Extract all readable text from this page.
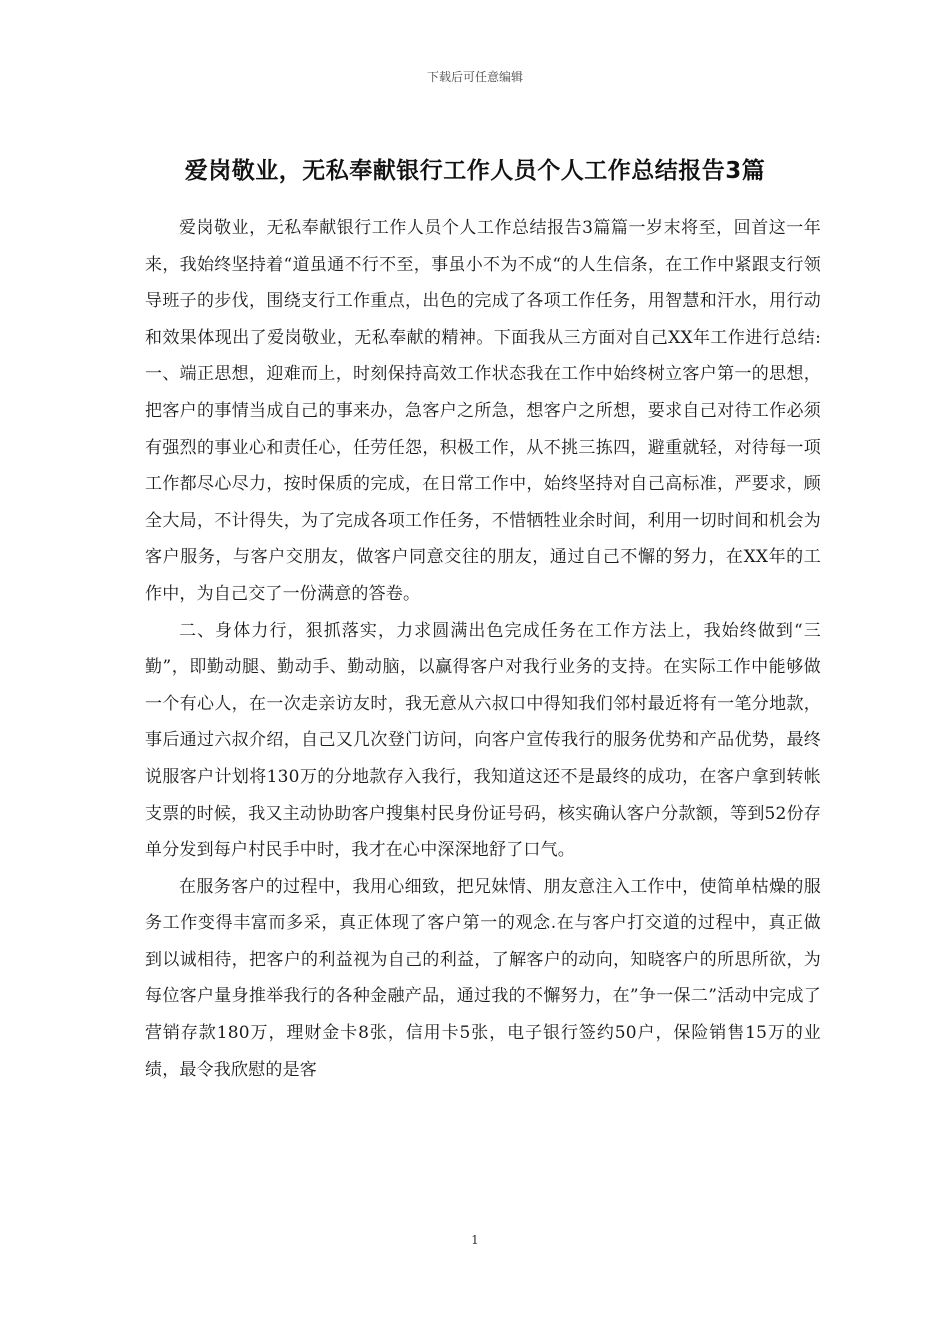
下载后可任意编辑
爱岗敬业，无私奉献银行工作人员个人工作总结报告3篇

爱岗敬业，无私奉献银行工作人员个人工作总结报告3篇篇一岁末将至，回首这一年来，我始终坚持着“道虽通不行不至，事虽小不为不成“的人生信条，在工作中紧跟支行领导班子的步伐，围绕支行工作重点，出色的完成了各项工作任务，用智慧和汗水，用行动和效果体现出了爱岗敬业，无私奉献的精神。下面我从三方面对自己XX年工作进行总结:一、端正思想，迎难而上，时刻保持高效工作状态我在工作中始终树立客户第一的思想，把客户的事情当成自己的事来办，急客户之所急，想客户之所想，要求自己对待工作必须有强烈的事业心和责任心，任劳任怨，积极工作，从不挑三拣四，避重就轻，对待每一项工作都尽心尽力，按时保质的完成，在日常工作中，始终坚持对自己高标准，严要求，顾全大局，不计得失，为了完成各项工作任务，不惜牺牲业余时间，利用一切时间和机会为客户服务，与客户交朋友，做客户同意交往的朋友，通过自己不懈的努力，在XX年的工作中，为自己交了一份满意的答卷。

二、身体力行，狠抓落实，力求圆满出色完成任务在工作方法上，我始终做到“三勤”，即勤动腿、勤动手、勤动脑，以赢得客户对我行业务的支持。在实际工作中能够做一个有心人，在一次走亲访友时，我无意从六叔口中得知我们邻村最近将有一笔分地款，事后通过六叔介绍，自己又几次登门访问，向客户宣传我行的服务优势和产品优势，最终说服客户计划将130万的分地款存入我行，我知道这还不是最终的成功，在客户拿到转帐支票的时候，我又主动协助客户搜集村民身份证号码，核实确认客户分款额，等到52份存单分发到每户村民手中时，我才在心中深深地舒了口气。

在服务客户的过程中，我用心细致，把兄妹情、朋友意注入工作中，使简单枯燥的服务工作变得丰富而多采，真正体现了客户第一的观念.在与客户打交道的过程中，真正做到以诚相待，把客户的利益视为自己的利益，了解客户的动向，知晓客户的所思所欲，为每位客户量身推举我行的各种金融产品，通过我的不懈努力，在”争一保二”活动中完成了营销存款180万，理财金卡8张，信用卡5张，电子银行签约50户，保险销售15万的业绩，最令我欣慰的是客

1
